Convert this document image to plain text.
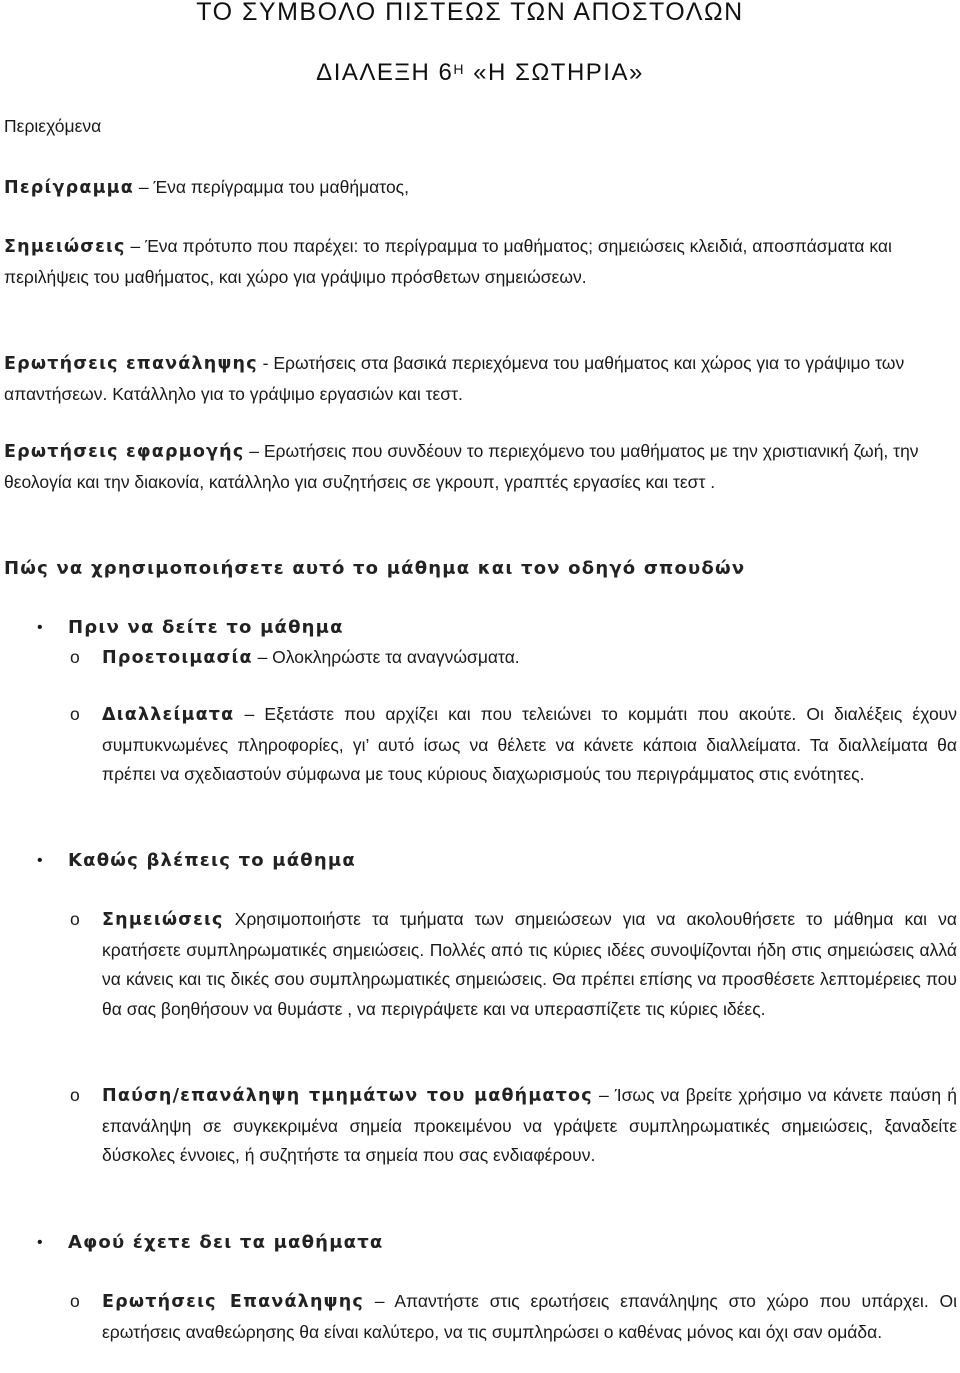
ΤΟ ΣΥΜΒΟΛΟ ΠΙΣΤΕΩΣ ΤΩΝ ΑΠΟΣΤΟΛΩΝ
ΔΙΑΛΕΞΗ $6^H$ «Η ΣΩΤΗΡΙΑ»
Περιεχόμενα
Περίγραμμα – Ένα περίγραμμα του μαθήματος,
Σημειώσεις – Ένα πρότυπο που παρέχει: το περίγραμμα το μαθήματος; σημειώσεις κλειδιά, αποσπάσματα και περιλήψεις του μαθήματος, και χώρο για γράψιμο πρόσθετων σημειώσεων.
Ερωτήσεις επανάληψης - Ερωτήσεις στα βασικά περιεχόμενα του μαθήματος και χώρος για το γράψιμο των απαντήσεων. Κατάλληλο για το γράψιμο εργασιών και τεστ.
Ερωτήσεις εφαρμογής – Ερωτήσεις που συνδέουν το περιεχόμενο του μαθήματος με την χριστιανική ζωή, την θεολογία και την διακονία, κατάλληλο για συζητήσεις σε γκρουπ, γραπτές εργασίες και τεστ .
Πώς να χρησιμοποιήσετε αυτό το μάθημα και τον οδηγό σπουδών
• Πριν να δείτε το μάθημα
o Προετοιμασία – Ολοκληρώστε τα αναγνώσματα.
o Διαλλείματα – Εξετάστε που αρχίζει και που τελειώνει το κομμάτι που ακούτε. Οι διαλέξεις έχουν συμπυκνωμένες πληροφορίες, γι’ αυτό ίσως να θέλετε να κάνετε κάποια διαλλείματα. Τα διαλλείματα θα πρέπει να σχεδιαστούν σύμφωνα με τους κύριους διαχωρισμούς του περιγράμματος στις ενότητες.
• Καθώς βλέπεις το μάθημα
o Σημειώσεις Χρησιμοποιήστε τα τμήματα των σημειώσεων για να ακολουθήσετε το μάθημα και να κρατήσετε συμπληρωματικές σημειώσεις. Πολλές από τις κύριες ιδέες συνοψίζονται ήδη στις σημειώσεις αλλά να κάνεις και τις δικές σου συμπληρωματικές σημειώσεις. Θα πρέπει επίσης να προσθέσετε λεπτομέρειες που θα σας βοηθήσουν να θυμάστε , να περιγράψετε και να υπερασπίζετε τις κύριες ιδέες.
o Παύση/επανάληψη τμημάτων του μαθήματος – Ίσως να βρείτε χρήσιμο να κάνετε παύση ή επανάληψη σε συγκεκριμένα σημεία προκειμένου να γράψετε συμπληρωματικές σημειώσεις, ξαναδείτε δύσκολες έννοιες, ή συζητήστε τα σημεία που σας ενδιαφέρουν.
• Αφού έχετε δει τα μαθήματα
o Ερωτήσεις Επανάληψης – Απαντήστε στις ερωτήσεις επανάληψης στο χώρο που υπάρχει. Οι ερωτήσεις αναθεώρησης θα είναι καλύτερο, να τις συμπληρώσει ο καθένας μόνος και όχι σαν ομάδα.
